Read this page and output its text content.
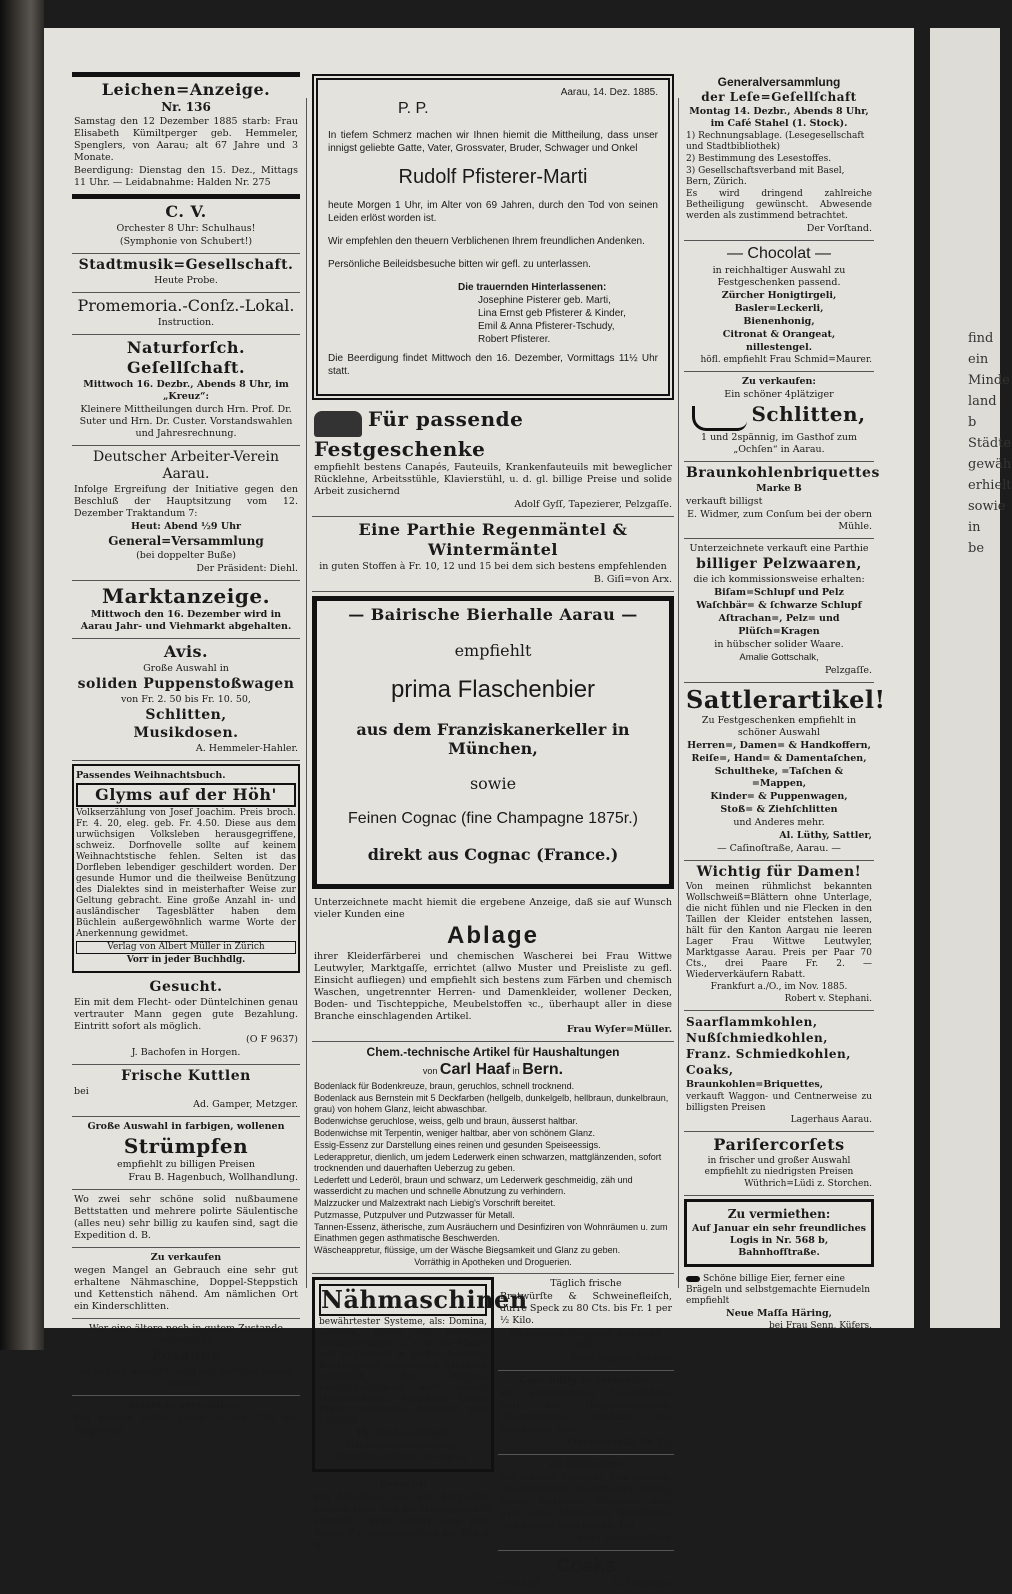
find ein Minde land b Städte gewäh erhielt sowie in be
Leichen=Anzeige.
Nr. 136

Samstag den 12 Dezember 1885 starb: Frau Elisabeth Kümiltperger geb. Hemmeler, Spenglers, von Aarau; alt 67 Jahre und 3 Monate.

Beerdigung: Dienstag den 15. Dez., Mittags 11 Uhr. — Leidabnahme: Halden Nr. 275

C. V.

Orchester 8 Uhr: Schulhaus!

(Symphonie von Schubert!)

Stadtmusik=Gesellschaft.

Heute Probe.

Promemoria.-Conſz.-Lokal.

Instruction.

Naturforſch. Geſellſchaft.

Mittwoch 16. Dezbr., Abends 8 Uhr, im „Kreuz“:

Kleinere Mittheilungen durch Hrn. Prof. Dr. Suter und Hrn. Dr. Custer. Vorstandswahlen und Jahresrechnung.

Deutscher Arbeiter-Verein Aarau.

Infolge Ergreifung der Initiative gegen den Beschluß der Hauptsitzung vom 12. Dezember Traktandum 7:

Heut: Abend ½9 Uhr

General=Versammlung

(bei doppelter Buße)

Der Präsident: Diehl.

Marktanzeige.

Mittwoch den 16. Dezember wird in Aarau Jahr- und Viehmarkt abgehalten.

Avis.

Große Auswahl in

soliden Puppenstoßwagen

von Fr. 2. 50 bis Fr. 10. 50,

Schlitten,

Musikdosen.

A. Hemmeler-Hahler.

Passendes Weihnachtsbuch.

Glyms auf der Höh'

Volkserzählung von Josef Joachim. Preis broch. Fr. 4. 20, eleg. geb. Fr. 4.50. Diese aus dem urwüchsigen Volksleben herausgegriffene, schweiz. Dorfnovelle sollte auf keinem Weihnachtstische fehlen. Selten ist das Dorfleben lebendiger geschildert worden. Der gesunde Humor und die theilweise Benützung des Dialektes sind in meisterhafter Weise zur Geltung gebracht. Eine große Anzahl in- und ausländischer Tagesblätter haben dem Büchlein außergewöhnlich warme Worte der Anerkennung gewidmet.

Verlag von Albert Müller in Zürich

Vorr in jeder Buchhdlg.

Gesucht.

Ein mit dem Flecht- oder Düntelchinen genau vertrauter Mann gegen gute Bezahlung. Eintritt sofort als möglich.

(O F 9637)

J. Bachofen in Horgen.

Frische Kuttlen

bei

Ad. Gamper, Metzger.

Große Auswahl in farbigen, wollenen

Strümpfen

empfiehlt zu billigen Preisen

Frau B. Hagenbuch, Wollhandlung.

Wo zwei sehr schöne solid nußbaumene Bettstatten und mehrere polirte Säulentische (alles neu) sehr billig zu kaufen sind, sagt die Expedition d. B.

Zu verkaufen

wegen Mangel an Gebrauch eine sehr gut erhaltene Nähmaschine, Doppel-Steppstich und Kettenstich nähend. Am nämlichen Ort ein Kinderschlitten.

Wer eine ältere noch in gutem Zustande befindliche

Posaune

zu kaufen wünscht, sagt der Verleger dieses Blattes.

Sofort zu vermiethen:

Ein kleines helles Logis; in Nr. 708 am Ziegelrain.

Aarau, 14. Dez. 1885.
P. P.

In tiefem Schmerz machen wir Ihnen hiemit die Mittheilung, dass unser innigst geliebte Gatte, Vater, Grossvater, Bruder, Schwager und Onkel

Rudolf Pfisterer-Marti

heute Morgen 1 Uhr, im Alter von 69 Jahren, durch den Tod von seinen Leiden erlöst worden ist.

Wir empfehlen den theuern Verblichenen Ihrem freundlichen Andenken.

Persönliche Beileidsbesuche bitten wir gefl. zu unterlassen.

Die trauernden Hinterlassenen:
Josephine Pisterer geb. Marti,
Lina Ernst geb Pfisterer & Kinder,
Emil & Anna Pfisterer-Tschudy,
Robert Pfisterer.

Die Beerdigung findet Mittwoch den 16. Dezember, Vormittags 11½ Uhr statt.

Für passende Festgeschenke

empfiehlt bestens Canapés, Fauteuils, Krankenfauteuils mit beweglicher Rücklehne, Arbeitsstühle, Klavierstühl, u. d. gl. billige Preise und solide Arbeit zusichernd

Adolf Gyſſ, Tapezierer, Pelzgaſſe.

Eine Parthie Regenmäntel & Wintermäntel

in guten Stoffen à Fr. 10, 12 und 15 bei dem sich bestens empfehlenden

B. Giſi=von Arx.

— Bairische Bierhalle Aarau —

empfiehlt

prima Flaschenbier

aus dem Franziskanerkeller in München,

sowie

Feinen Cognac (fine Champagne 1875r.)

direkt aus Cognac (France.)

Unterzeichnete macht hiemit die ergebene Anzeige, daß sie auf Wunsch vieler Kunden eine

Ablage

ihrer Kleiderfärberei und chemischen Wascherei bei Frau Wittwe Leutwyler, Marktgaſſe, errichtet (allwo Muster und Preisliste zu gefl. Einsicht aufliegen) und empfiehlt sich bestens zum Färben und chemisch Waschen, ungetrennter Herren- und Damenkleider, wollener Decken, Boden- und Tischteppiche, Meubelstoffen ꝛc., überhaupt aller in diese Branche einschlagenden Artikel.

Frau Wyſer=Müller.

Chem.-technische Artikel für Haushaltungen
von Carl Haaf in Bern.

Bodenlack für Bodenkreuze, braun, geruchlos, schnell trocknend.

Bodenlack aus Bernstein mit 5 Deckfarben (hellgelb, dunkelgelb, hellbraun, dunkelbraun, grau) von hohem Glanz, leicht abwaschbar.

Bodenwichse geruchlose, weiss, gelb und braun, äusserst haltbar.

Bodenwichse mit Terpentin, weniger haltbar, aber von schönem Glanz.

Essig-Essenz zur Darstellung eines reinen und gesunden Speiseessigs.

Lederappretur, dienlich, um jedem Lederwerk einen schwarzen, mattglänzenden, sofort trocknenden und dauerhaften Ueberzug zu geben.

Lederfett und Lederöl, braun und schwarz, um Lederwerk geschmeidig, zäh und wasserdicht zu machen und schnelle Abnutzung zu verhindern.

Malzzucker und Malzextrakt nach Liebig's Vorschrift bereitet.

Putzmasse, Putzpulver und Putzwasser für Metall.

Tannen-Essenz, ätherische, zum Ausräuchern und Desinfiziren von Wohnräumen u. zum Einathmen gegen asthmatische Beschwerden.

Wäscheappretur, flüssige, um der Wäsche Biegsamkeit und Glanz zu geben.

Vorräthig in Apotheken und Droguerien.

Nähmaschinen

bewährtester Systeme, als: Domina, Gloriosa, Singer mit neuesten Verbesserungen u. s. w. für Hand- und Fußbetrieb in großer Auswahl. Bei eleganter Ausstattung, garantire schriftlich für höchste Leistungsfähigkeit aller meiner Nähmaschinen. Möglichst billige Preise zusichernd, empfiehlt sich höflichst

Th. Bieber-Riggli,

Nähmaschinenhandlung.

Biberſteinerſtraße bei Aarau.

Gesucht:

Ein Mädchen, das gut bürgerlich kochen kann und die Hausgeschäfte versteht, findet sofort eine gute Stelle. Zu vernehmen bei der Erp d. Bl.

Täglich frische

Bratwürſte & Schweinefleiſch, durre Speck zu 80 Cts. bis Fr. 1 per ½ Kilo.

Zu gütigem Zuspruch empfiehlt sich

Frau Andres Bircher.

Ganz billig zu verkaufen:

Ein außergültiges 1½schläfiges Bett mit Doppelmatratzen. Obermatratze Roßhaar, gut gearbeitet, neu.

Küttigerſtraße Nr. 23.

Zu verkaufen:

Ein schöner Sekretär, Schreibtisch, Confortischen, Nachttischli, Sessel, ältere Bettladen, Schlitten, eine ganz neue Malmwieſs Bratpfanne und andere Backbleche, bei

Frau Steiner=Dürr.

Coaks
verkauft	G. Treßzger.
Generalversammlung
der Leſe=Geſellſchaft

Montag 14. Dezbr., Abends 8 Uhr, im Café Stahel (1. Stock).

1) Rechnungsablage. (Lesegesellschaft und Stadtbibliothek)

2) Bestimmung des Lesestoffes.

3) Gesellschaftsverband mit Basel, Bern, Zürich.

Es wird dringend zahlreiche Betheiligung gewünscht. Abwesende werden als zustimmend betrachtet.

Der Vorſtand.

— Chocolat —

in reichhaltiger Auswahl zu Festgeschenken passend.

Zürcher Honigtirgeli,

Basler=Leckerli,

Bienenhonig,

Citronat & Orangeat,

nillestengel.

höfl. empfiehlt Frau Schmid=Maurer.

Zu verkaufen:

Ein schöner 4plätziger

Schlitten,

1 und 2spännig, im Gasthof zum „Ochſen“ in Aarau.

Braunkohlenbriquettes

Marke B

verkauft billigst

E. Widmer, zum Conſum bei der obern Mühle.

Unterzeichnete verkauft eine Parthie

billiger Pelzwaaren,

die ich kommissionsweise erhalten:

Biſam=Schlupf und Pelz

Waſchbär= & ſchwarze Schlupf

Aſtrachan=, Pelz= und

Plüſch=Kragen

in hübscher solider Waare.

Amalie Gottschalk,

Pelzgaſſe.

Sattlerartikel!

Zu Festgeschenken empfiehlt in schöner Auswahl

Herren=, Damen= & Handkoffern,

Reiſe=, Hand= & Damentaſchen,

Schultheke, =Taſchen & =Mappen,

Kinder= & Puppenwagen,

Stoß= & Ziehſchlitten

und Anderes mehr.

Al. Lüthy, Sattler,

— Caſinoſtraße, Aarau. —

Wichtig für Damen!

Von meinen rühmlichst bekannten Wollschweiß=Blättern ohne Unterlage, die nicht fühlen und nie Flecken in den Taillen der Kleider entstehen lassen, hält für den Kanton Aargau nie leeren Lager Frau Wittwe Leutwyler, Marktgasse Aarau. Preis per Paar 70 Cts., drei Paare Fr. 2. — Wiederverkäufern Rabatt.

Frankfurt a./O., im Nov. 1885.

Robert v. Stephani.

Saarflammkohlen,

Nußſchmiedkohlen,

Franz. Schmiedkohlen,

Coaks,

Braunkohlen=Briquettes,

verkauft Waggon- und Centnerweise zu billigsten Preisen

Lagerhaus Aarau.

Pariſercorſets

in frischer und großer Auswahl empfiehlt zu niedrigsten Preisen

Wüthrich=Lüdi z. Storchen.

Zu vermiethen:

Auf Januar ein sehr freundliches Logis in Nr. 568 b, Bahnhofſtraße.

Schöne billige Eier, ferner eine Brägeln und selbstgemachte Eiernudeln empfiehlt

Neue Maſſa Häring,

bei Frau Senn, Küfers.
